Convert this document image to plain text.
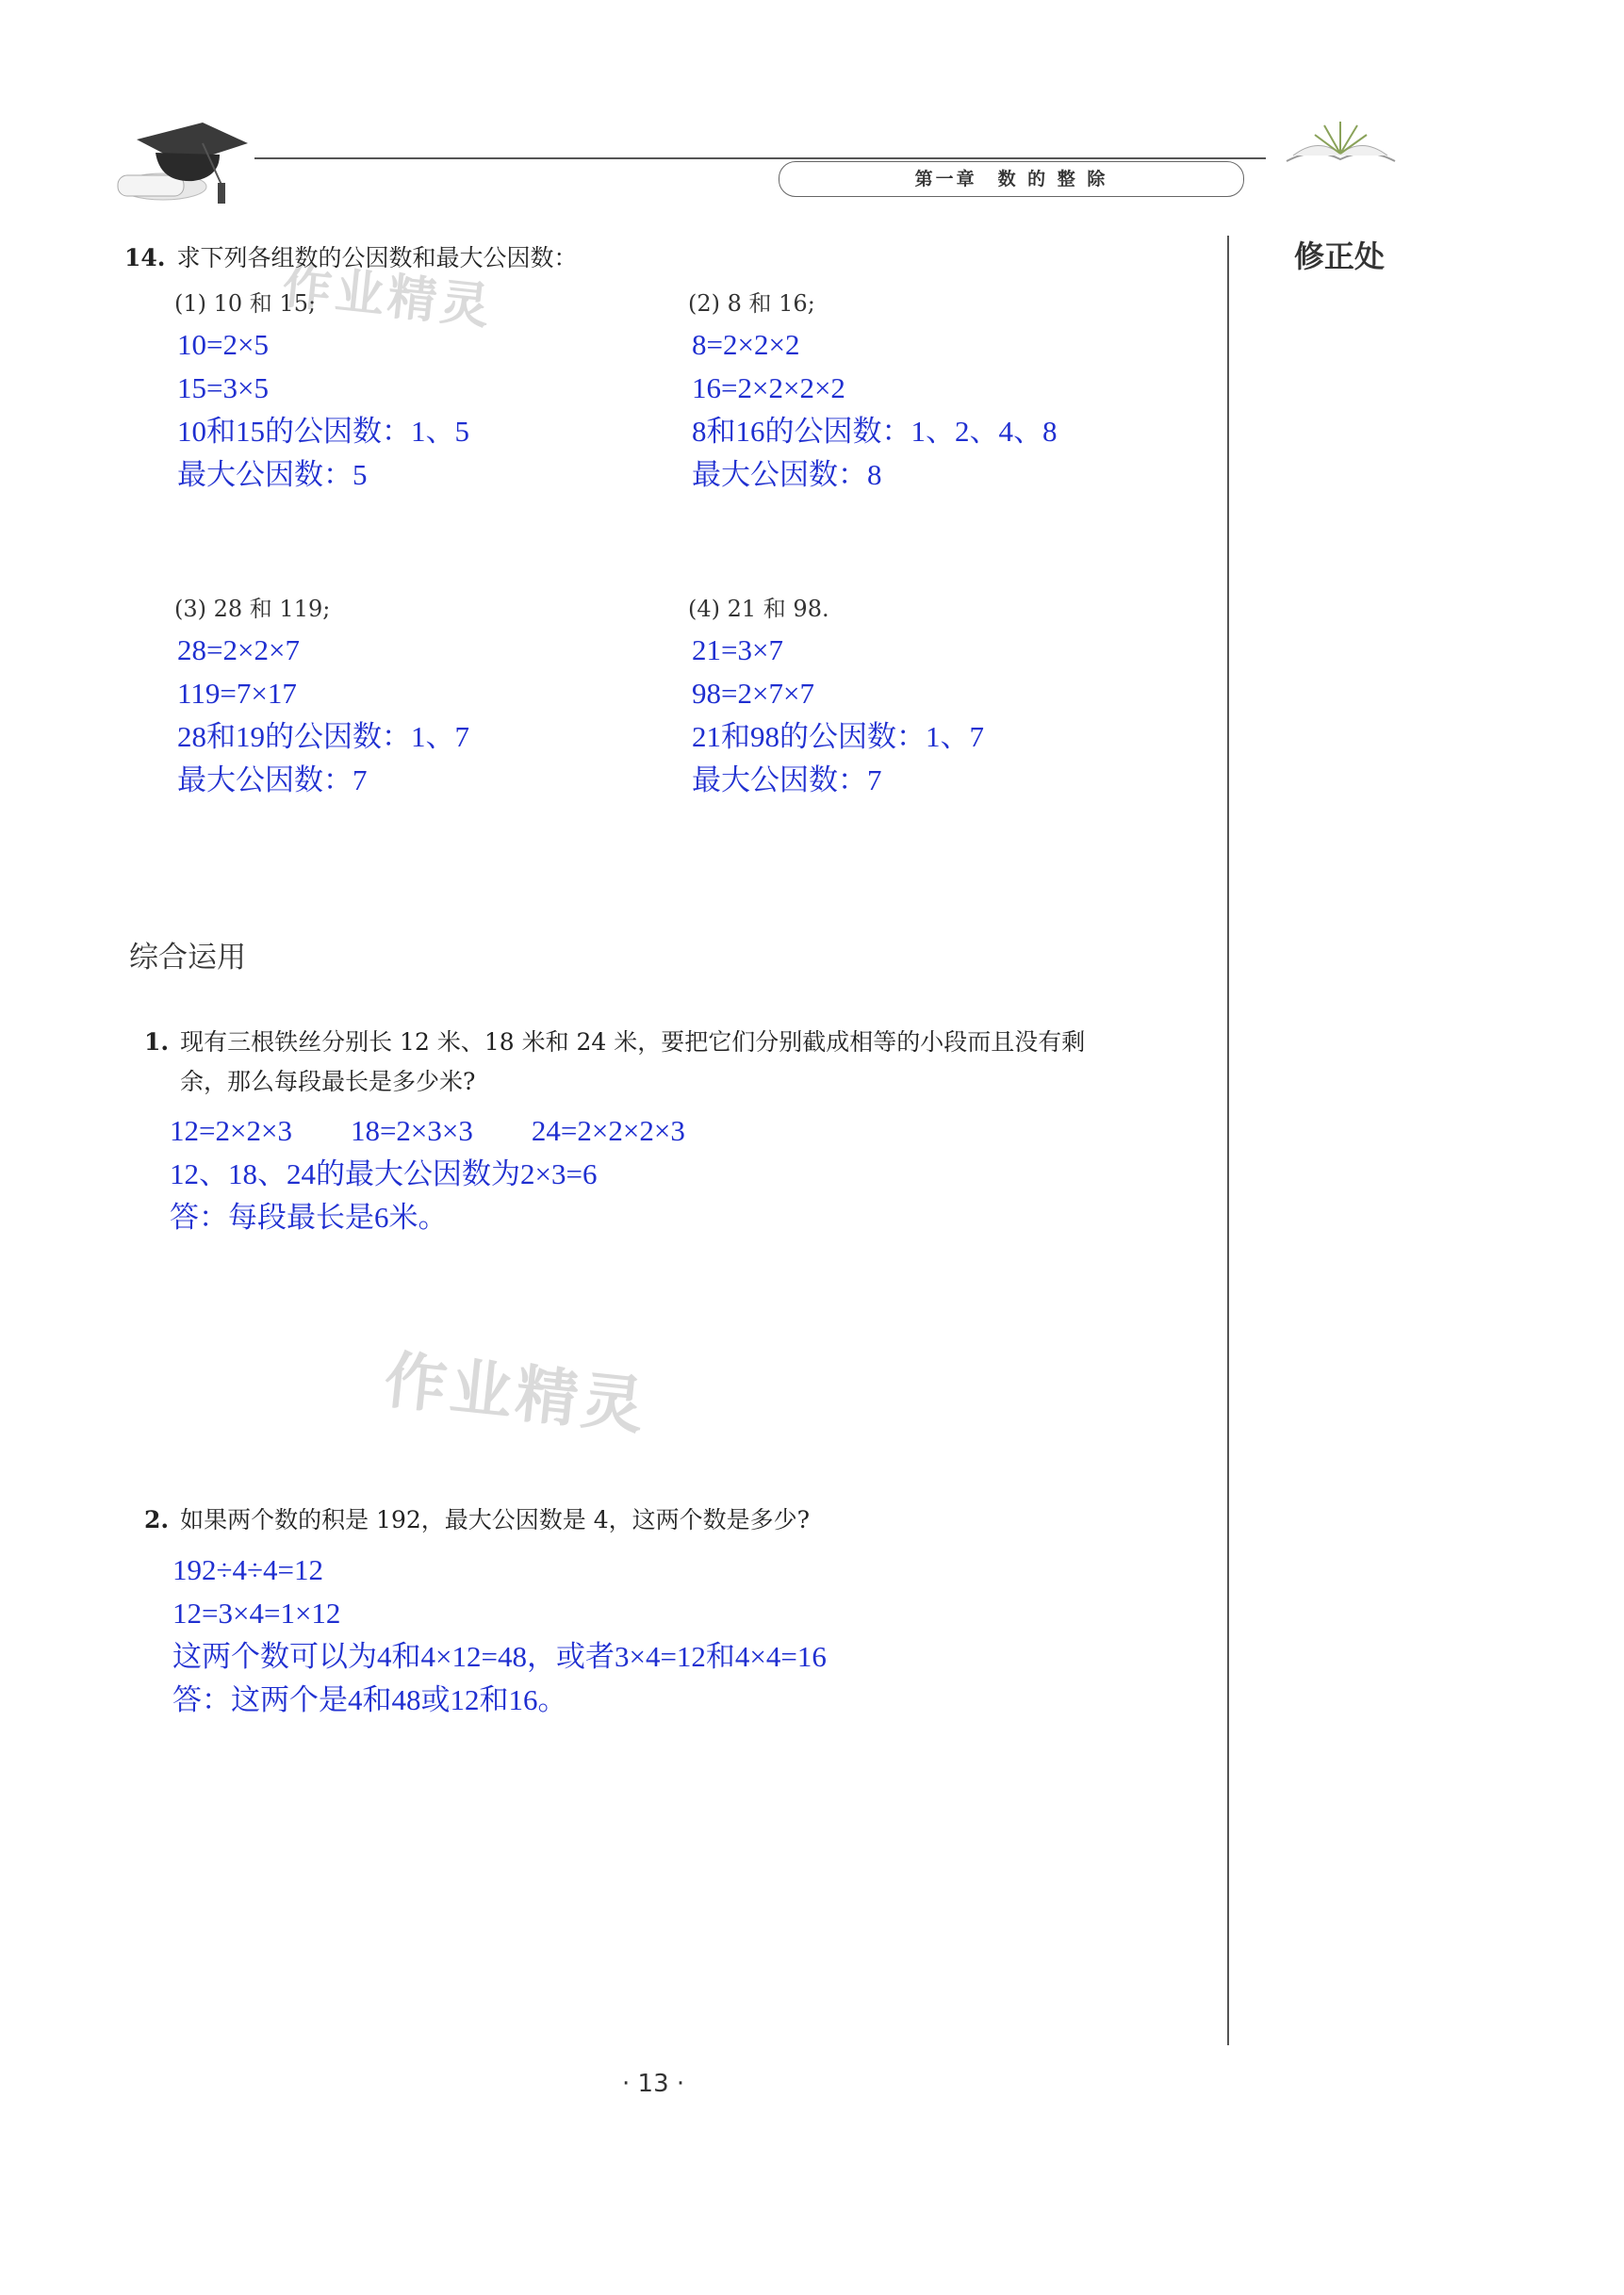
第一章　数 的 整 除
修正处
作业精灵
作业精灵
14. 求下列各组数的公因数和最大公因数：
(1) 10 和 15;
10=2×5
15=3×5
10和15的公因数：1、5
最大公因数：5
(2) 8 和 16;
8=2×2×2
16=2×2×2×2
8和16的公因数：1、2、4、8
最大公因数：8
(3) 28 和 119;
28=2×2×7
119=7×17
28和19的公因数：1、7
最大公因数：7
(4) 21 和 98.
21=3×7
98=2×7×7
21和98的公因数：1、7
最大公因数：7
综合运用
1. 现有三根铁丝分别长 12 米、18 米和 24 米，要把它们分别截成相等的小段而且没有剩
余，那么每段最长是多少米?
12=2×2×3　　18=2×3×3　　24=2×2×2×3
12、18、24的最大公因数为2×3=6
答：每段最长是6米。
2. 如果两个数的积是 192，最大公因数是 4，这两个数是多少?
192÷4÷4=12
12=3×4=1×12
这两个数可以为4和4×12=48，或者3×4=12和4×4=16
答：这两个是4和48或12和16。
· 13 ·
